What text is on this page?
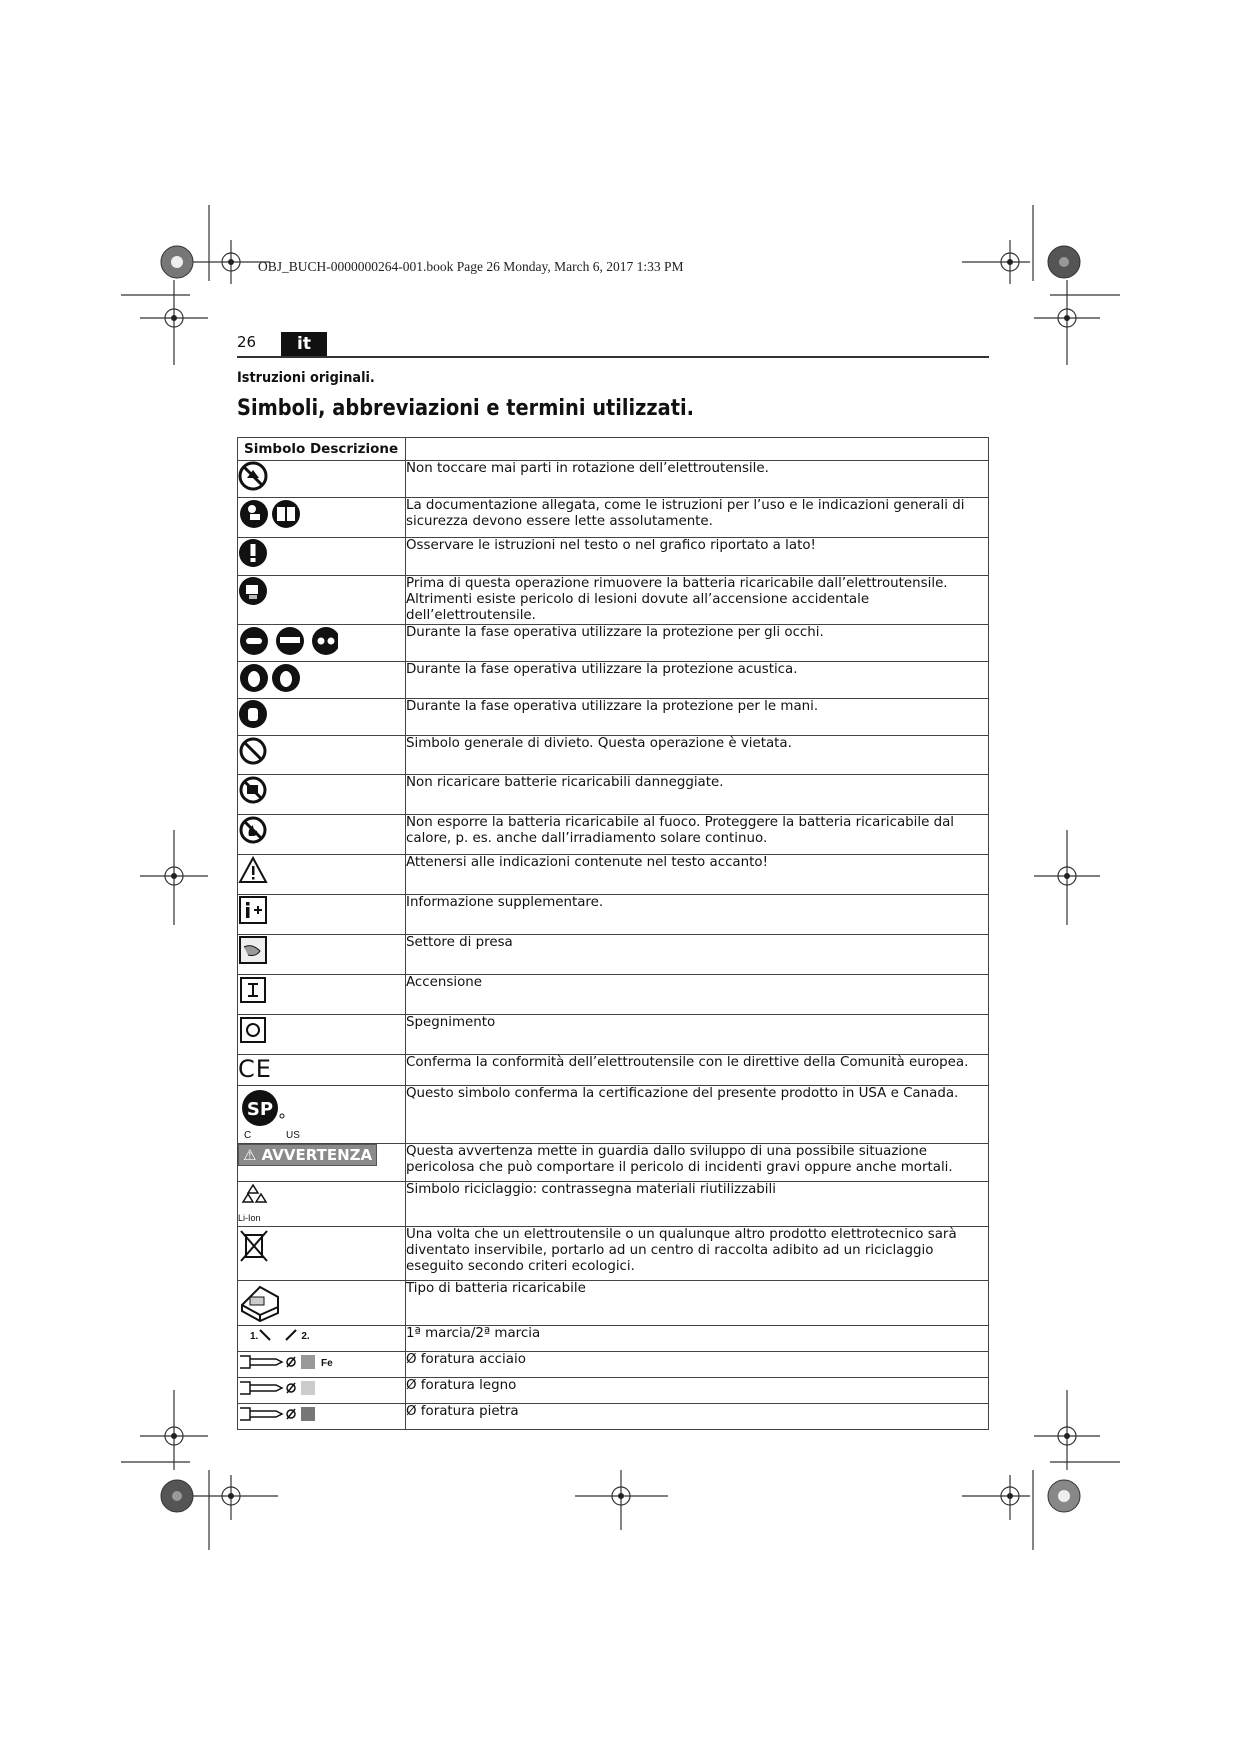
OBJ_BUCH-0000000264-001.book Page 26 Monday, March 6, 2017 1:33 PM
26	it
Istruzioni originali.
Simboli, abbreviazioni e termini utilizzati.
Simbolo Descrizione	
	Non toccare mai parti in rotazione dell’elettroutensile.
	La documentazione allegata, come le istruzioni per l’uso e le indicazioni generali di sicurezza devono essere lette assolutamente.
	Osservare le istruzioni nel testo o nel grafico riportato a lato!
	Prima di questa operazione rimuovere la batteria ricaricabile dall’elettroutensile. Altrimenti esiste pericolo di lesioni dovute all’accensione accidentale dell’elettroutensile.
	Durante la fase operativa utilizzare la protezione per gli occhi.
	Durante la fase operativa utilizzare la protezione acustica.
	Durante la fase operativa utilizzare la protezione per le mani.
	Simbolo generale di divieto. Questa operazione è vietata.
	Non ricaricare batterie ricaricabili danneggiate.
	Non esporre la batteria ricaricabile al fuoco. Proteggere la batteria ricaricabile dal calore, p. es. anche dall’irradiamento solare continuo.
	Attenersi alle indicazioni contenute nel testo accanto!
	Informazione supplementare.
	Settore di presa
	Accensione
	Spegnimento
CE	Conferma la conformità dell’elettroutensile con le direttive della Comunità europea.

SP
C US	Questo simbolo conferma la certificazione del presente prodotto in USA e Canada.
⚠ AVVERTENZA	Questa avvertenza mette in guardia dallo sviluppo di una possibile situazione pericolosa che può comportare il pericolo di incidenti gravi oppure anche mortali.

Li-Ion	Simbolo riciclaggio: contrassegna materiali riutilizzabili
	Una volta che un elettroutensile o un qualunque altro prodotto elettrotecnico sarà diventato inservibile, portarlo ad un centro di raccolta adibito ad un riciclaggio eseguito secondo criteri ecologici.
	Tipo di batteria ricaricabile
1. 2.	1ª marcia/2ª marcia
Fe	Ø foratura acciaio
	Ø foratura legno
	Ø foratura pietra
